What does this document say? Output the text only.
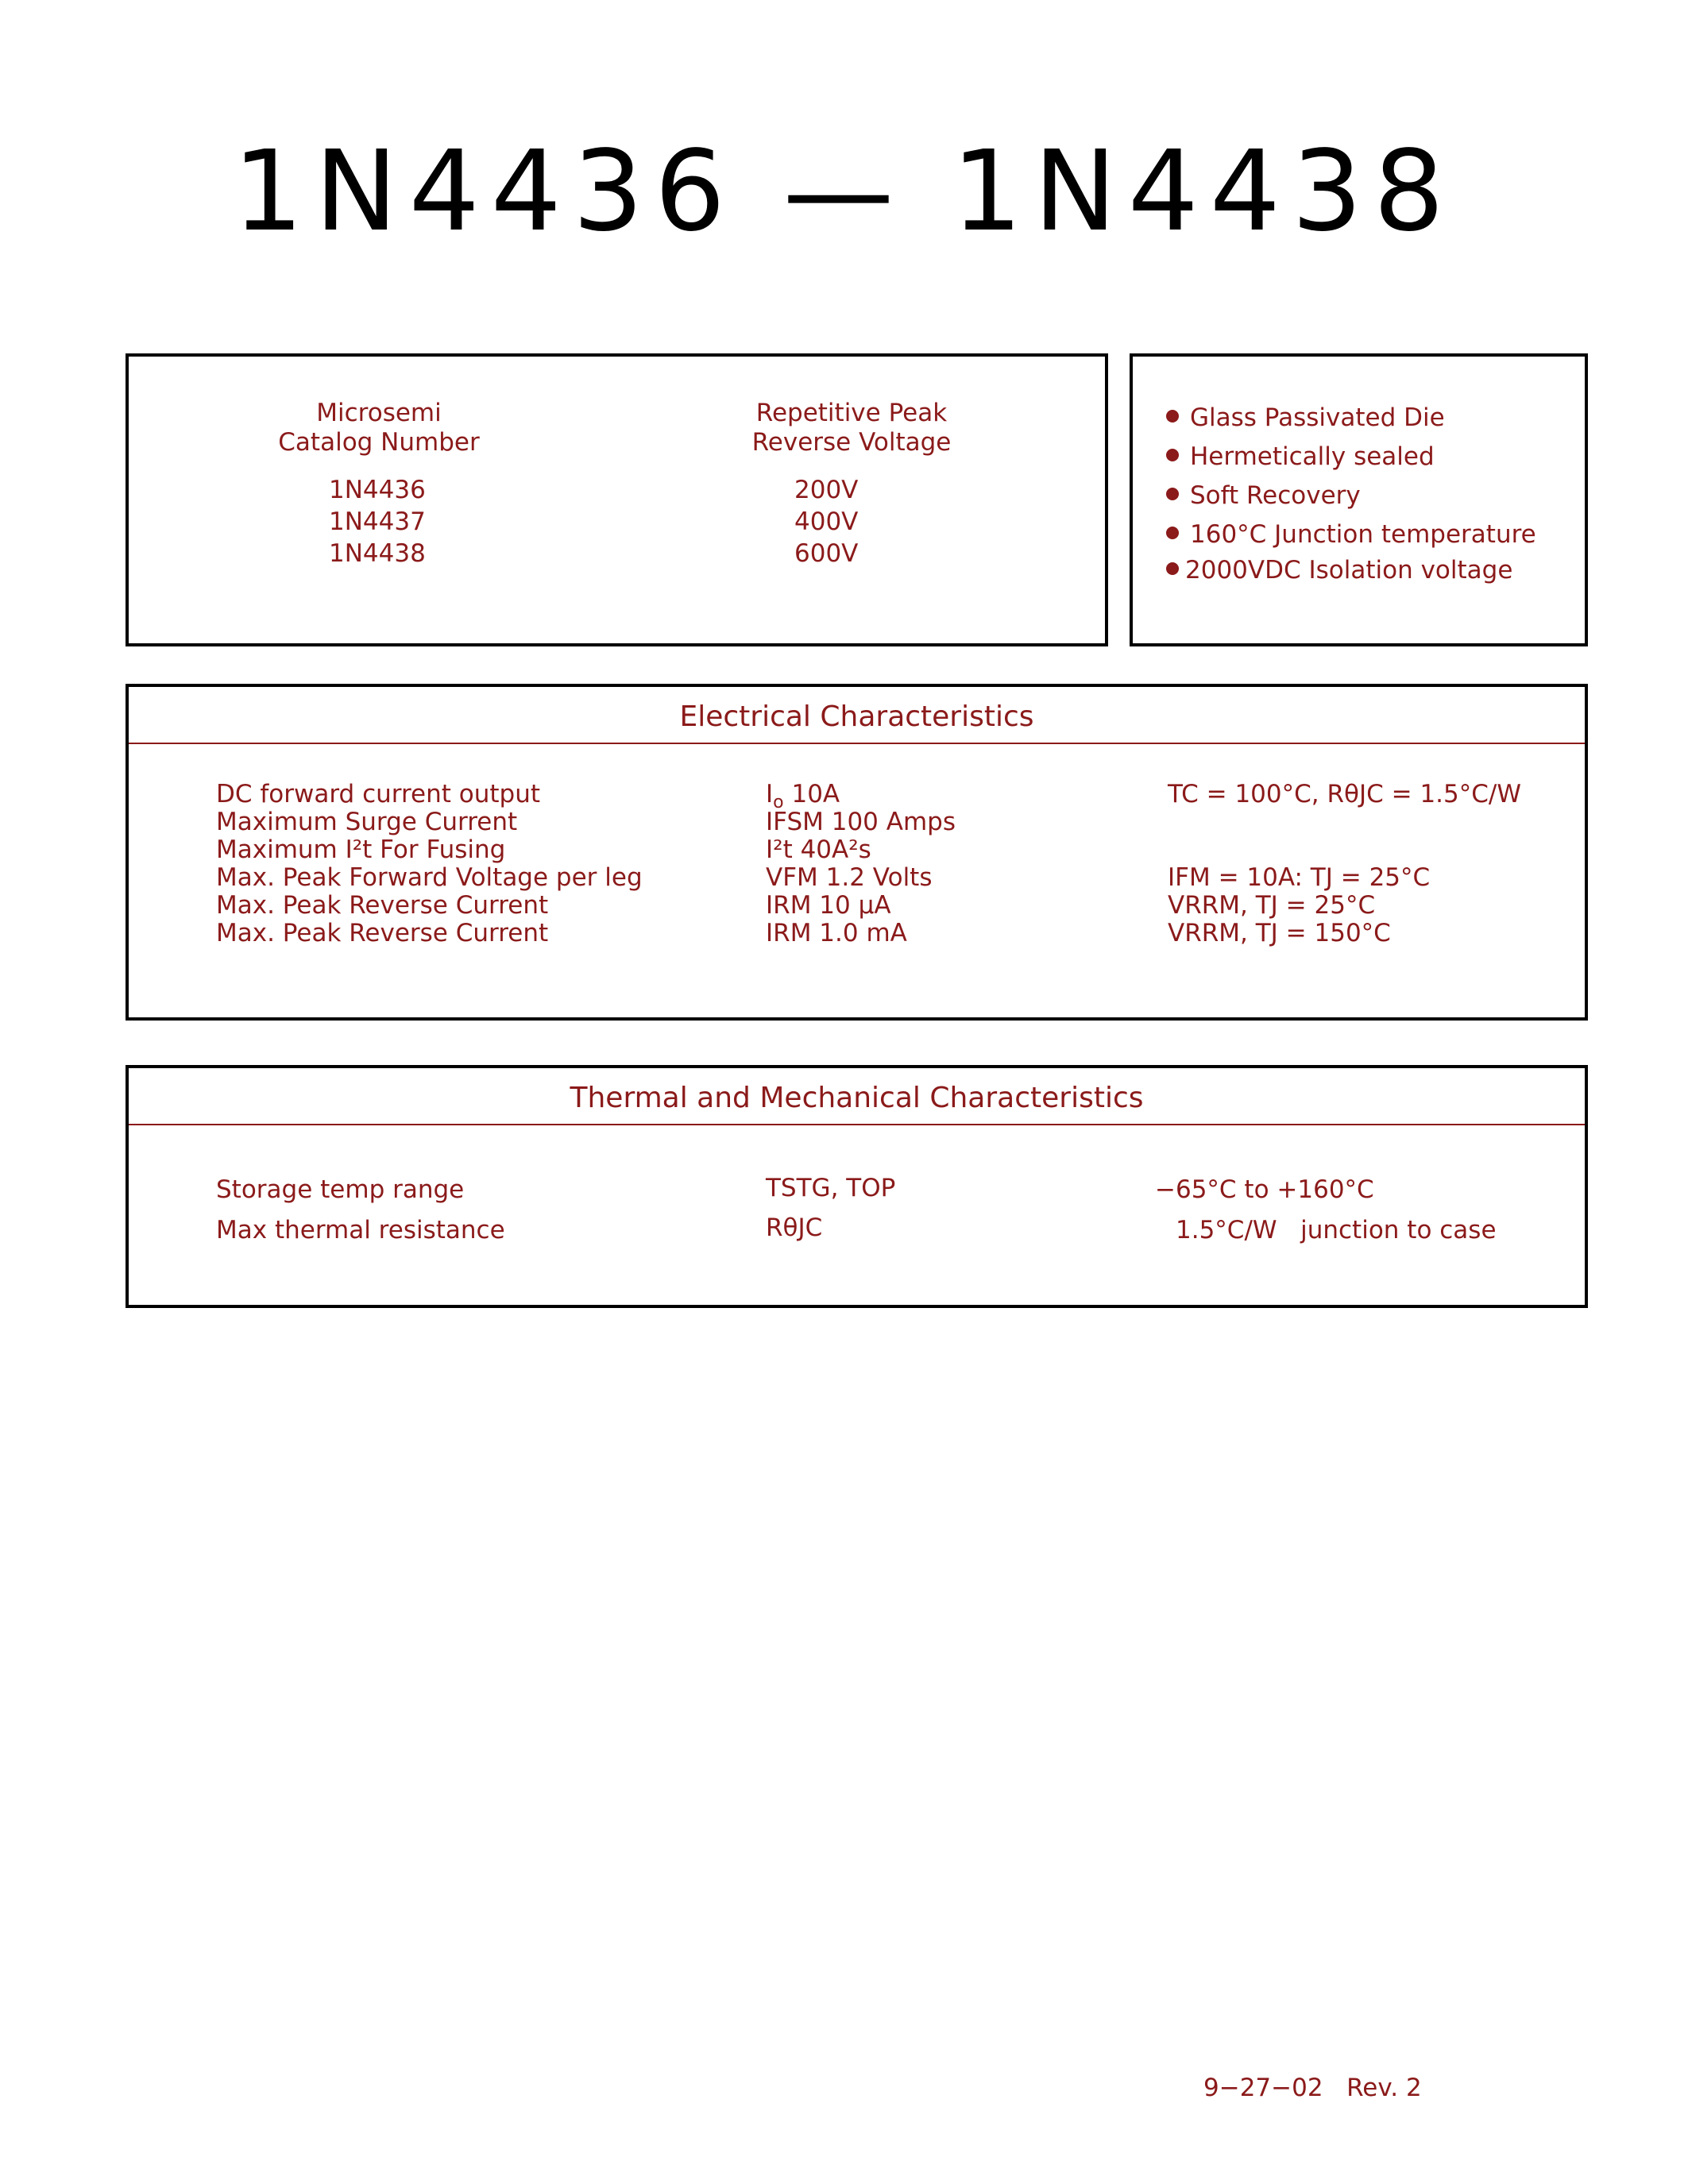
1N4436 — 1N4438
Microsemi
Catalog Number
Repetitive Peak
Reverse Voltage
1N4436
1N4437
1N4438
200V
400V
600V
Glass Passivated Die
Hermetically sealed
Soft Recovery
160°C Junction temperature
2000VDC Isolation voltage
Electrical Characteristics
DC forward current output
Maximum Surge Current
Maximum I²t For Fusing
Max. Peak Forward Voltage per leg
Max. Peak Reverse Current
Max. Peak Reverse Current
$I_o$ 10A
IFSM 100 Amps
I²t 40A²s
VFM 1.2 Volts
IRM 10 μA
IRM 1.0 mA
TC = 100°C, RθJC = 1.5°C/W
IFM = 10A: TJ = 25°C
VRRM, TJ = 25°C
VRRM, TJ = 150°C
Thermal and Mechanical Characteristics
Storage temp range
Max thermal resistance
TSTG, TOP
RθJC
−65°C to +160°C
1.5°C/W   junction to case
9−27−02   Rev. 2
